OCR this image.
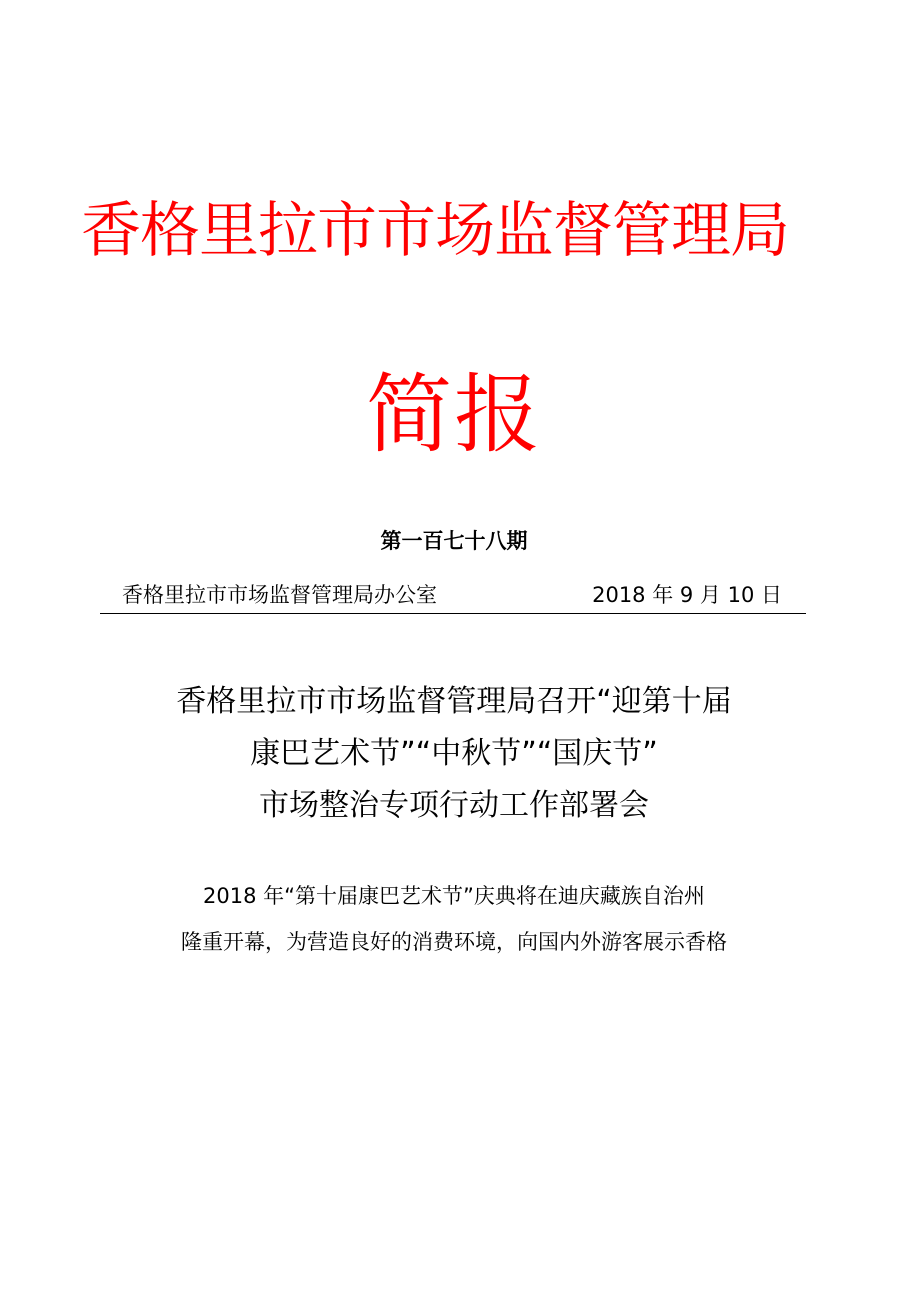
香格里拉市市场监督管理局
简报
第一百七十八期
香格里拉市市场监督管理局办公室	2018 年 9 月 10 日
香格里拉市市场监督管理局召开“迎第十届
康巴艺术节”“中秋节”“国庆节”
市场整治专项行动工作部署会
2018 年“第十届康巴艺术节”庆典将在迪庆藏族自治州
隆重开幕，为营造良好的消费环境，向国内外游客展示香格
